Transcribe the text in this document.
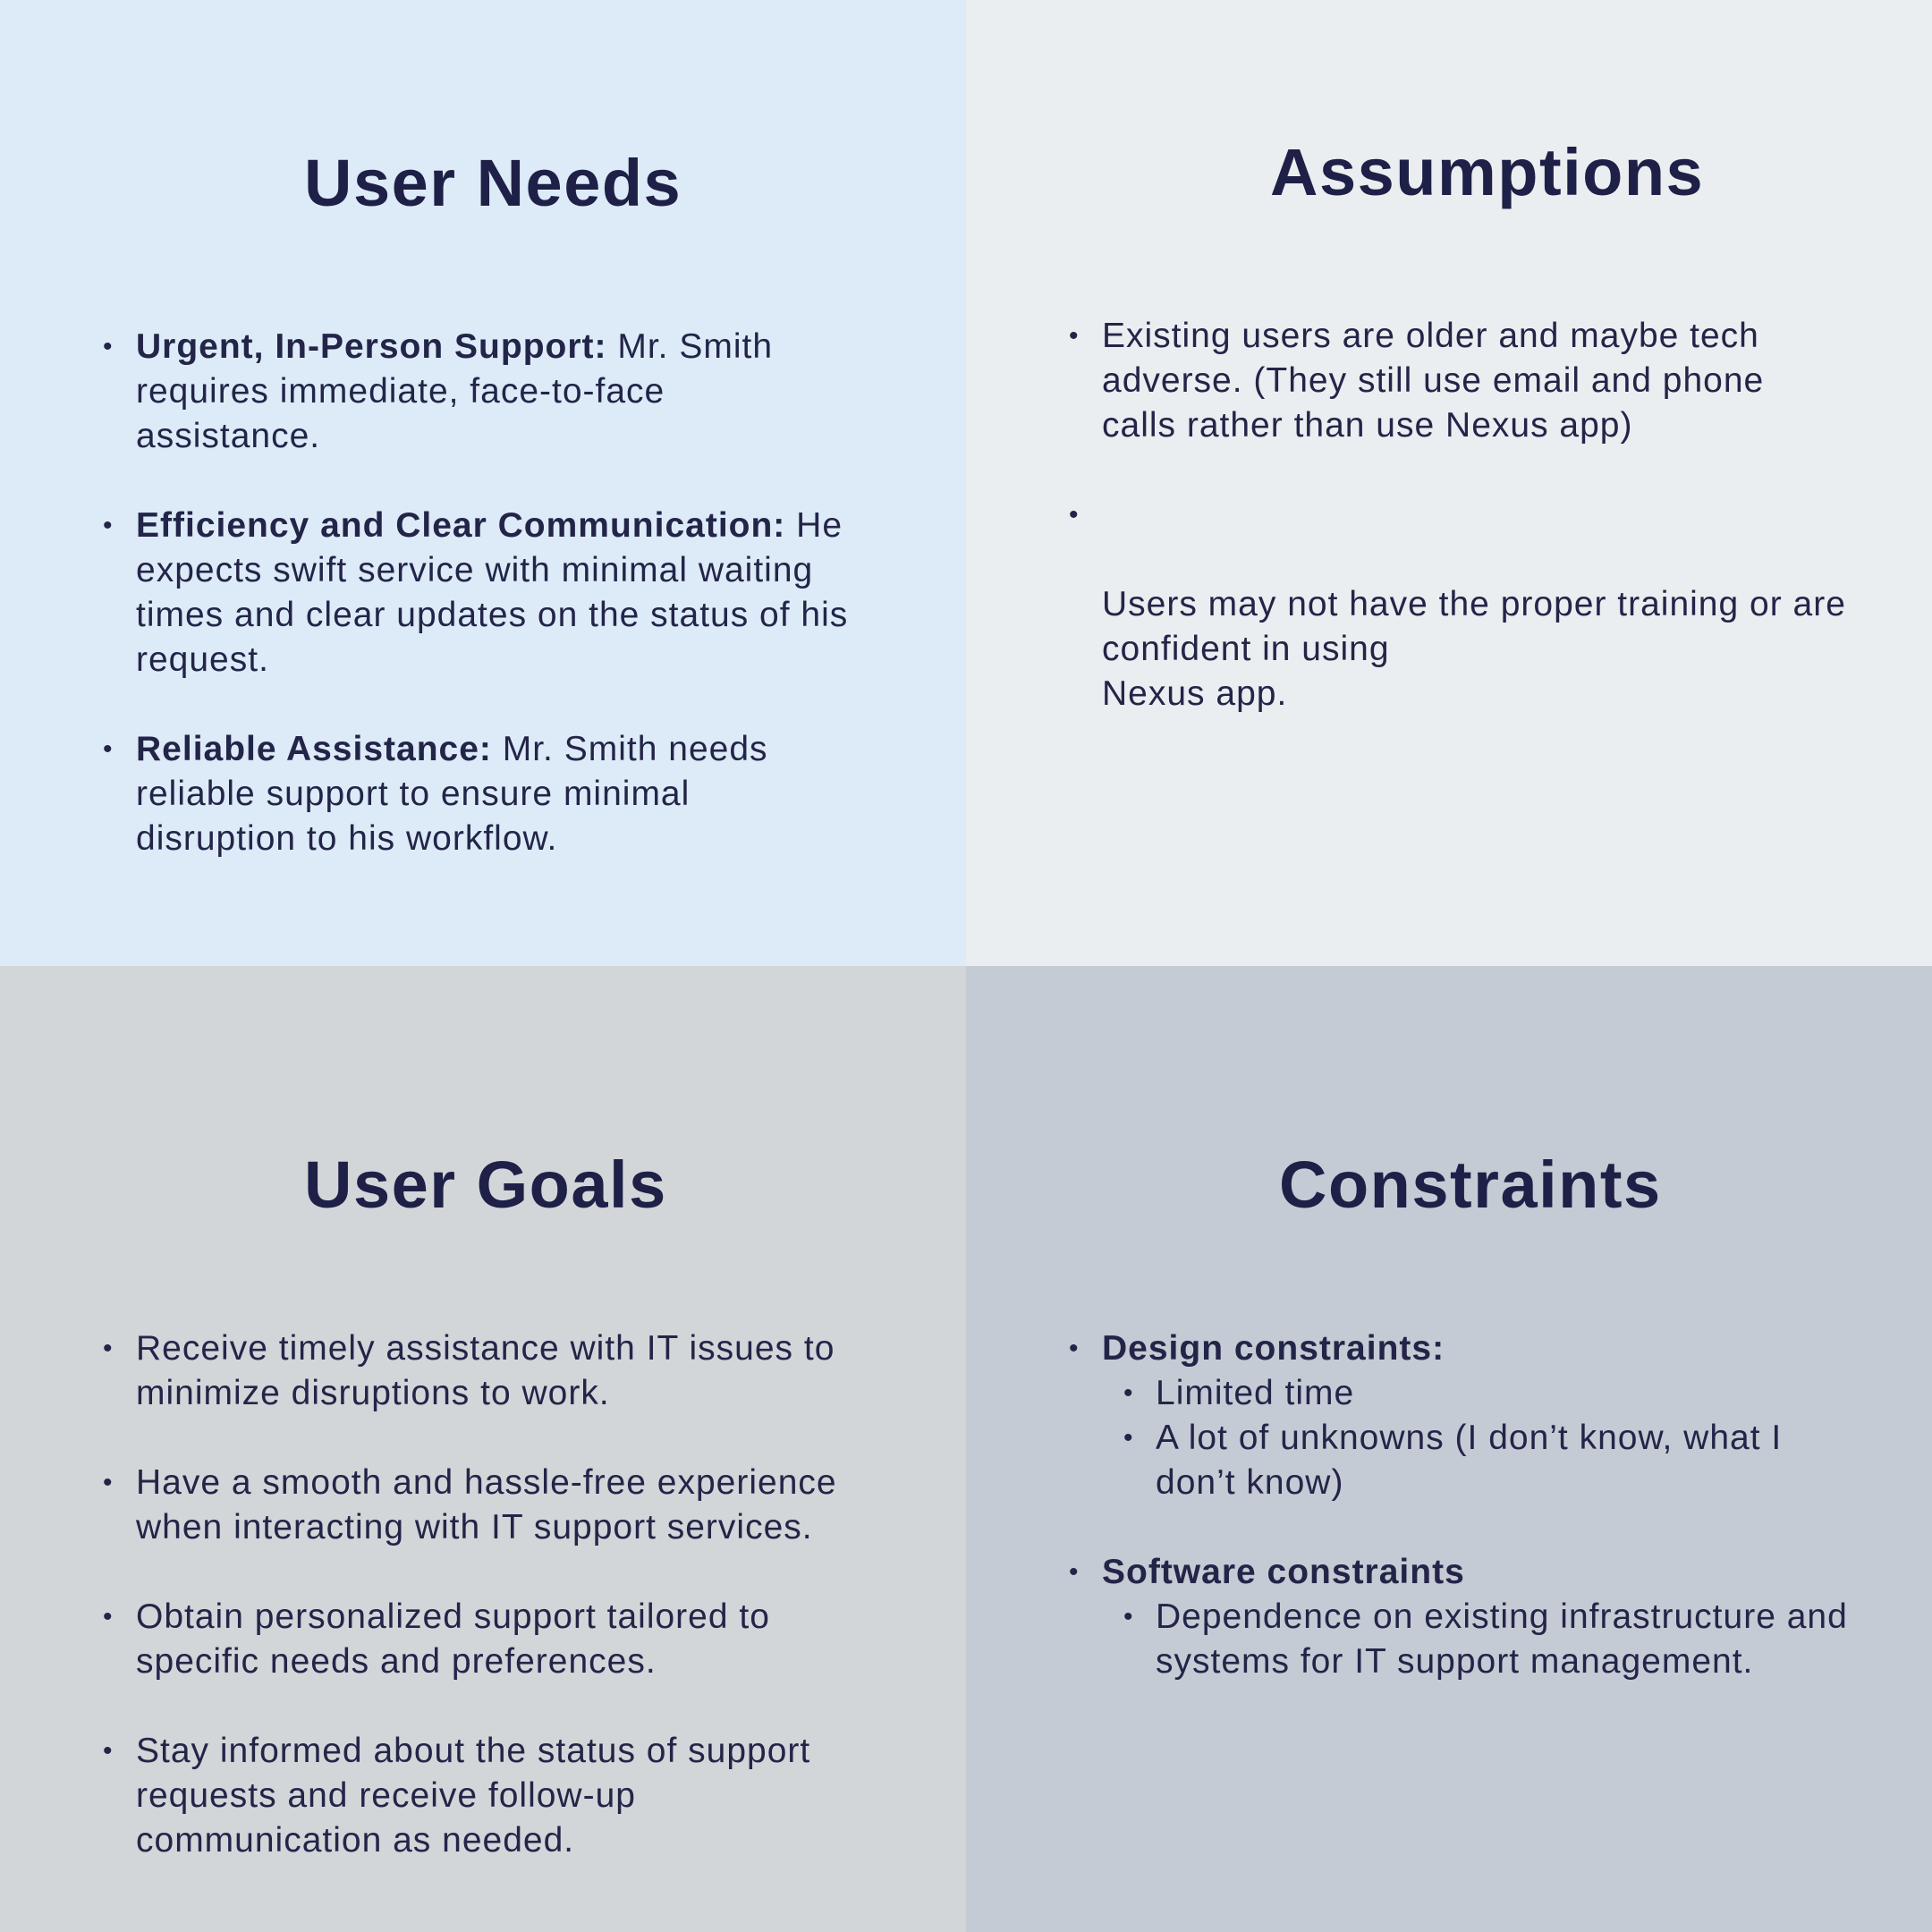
User Needs
• Urgent, In-Person Support: Mr. Smith requires immediate, face-to-face assistance.
• Efficiency and Clear Communication: He expects swift service with minimal waiting times and clear updates on the status of his request.
• Reliable Assistance: Mr. Smith needs reliable support to ensure minimal disruption to his workflow.
Assumptions
• Existing users are older and maybe tech adverse. (They still use email and phone calls rather than use Nexus app)

•

Users may not have the proper training or are confident in using
Nexus app.

User Goals
• Receive timely assistance with IT issues to minimize disruptions to work.
• Have a smooth and hassle-free experience when interacting with IT support services.
• Obtain personalized support tailored to specific needs and preferences.
• Stay informed about the status of support requests and receive follow-up communication as needed.
Constraints
• Design constraints:
• Limited time
• A lot of unknowns (I don’t know, what I don’t know)
• Software constraints
• Dependence on existing infrastructure and systems for IT support management.
